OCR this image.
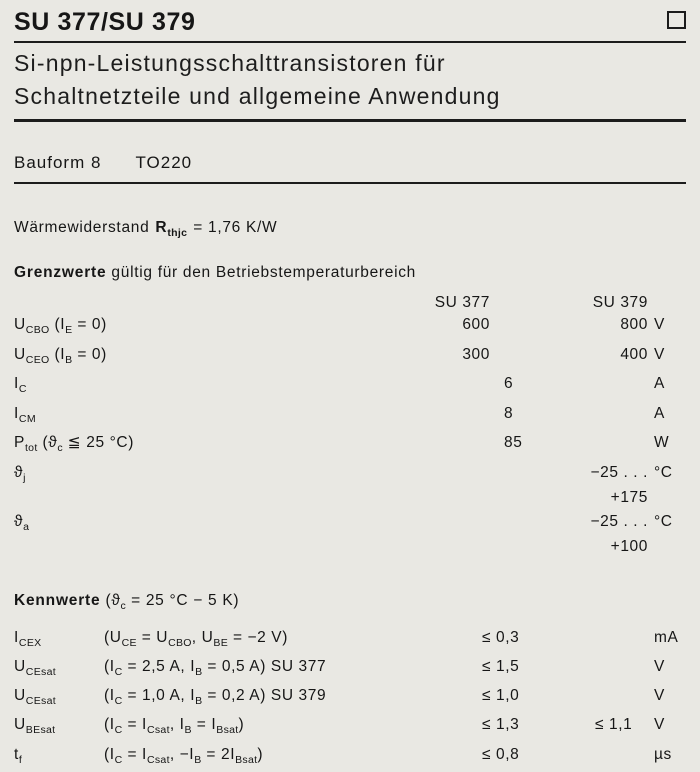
SU 377/SU 379
Si-npn-Leistungsschalttransistoren für
Schaltnetzteile und allgemeine Anwendung
Bauform 8 TO220
Wärmewiderstand $R_{thjc} = 1,76$ K/W
Grenzwerte gültig für den Betriebstemperaturbereich
SU 377	SU 379
$U_{CBO}$ $(I_E = 0)$	600	800 V
$U_{CEO}$ $(I_B = 0)$	300	400 V
$I_C$	6	A
$I_{CM}$	8	A
$P_{tot}$ ($ϑ_c$ ≦ 25 °C)	85	W
$ϑ_j$	−25 . . . +175
°C
$ϑ_a$	−25 . . . +100
°C
Kennwerte ($ϑ_c = 25$ °C − 5 K)
$I_{CEX}$	($U_{CE} = U_{CBO}$, $U_{BE} = -2$ V)	≤ 0,3	mA
$U_{CEsat}$	($I_C = 2,5$ A, $I_B = 0,5$ A) SU 377	≤ 1,5	V
$U_{CEsat}$	($I_C = 1,0$ A, $I_B = 0,2$ A) SU 379	≤ 1,0	V
$U_{BEsat}$	($I_C = I_{Csat}$, $I_B = I_{Bsat}$)	≤ 1,3	≤ 1,1	V
$t_f$	($I_C = I_{Csat}$, $-I_B = 2I_{Bsat}$)	≤ 0,8	µs
